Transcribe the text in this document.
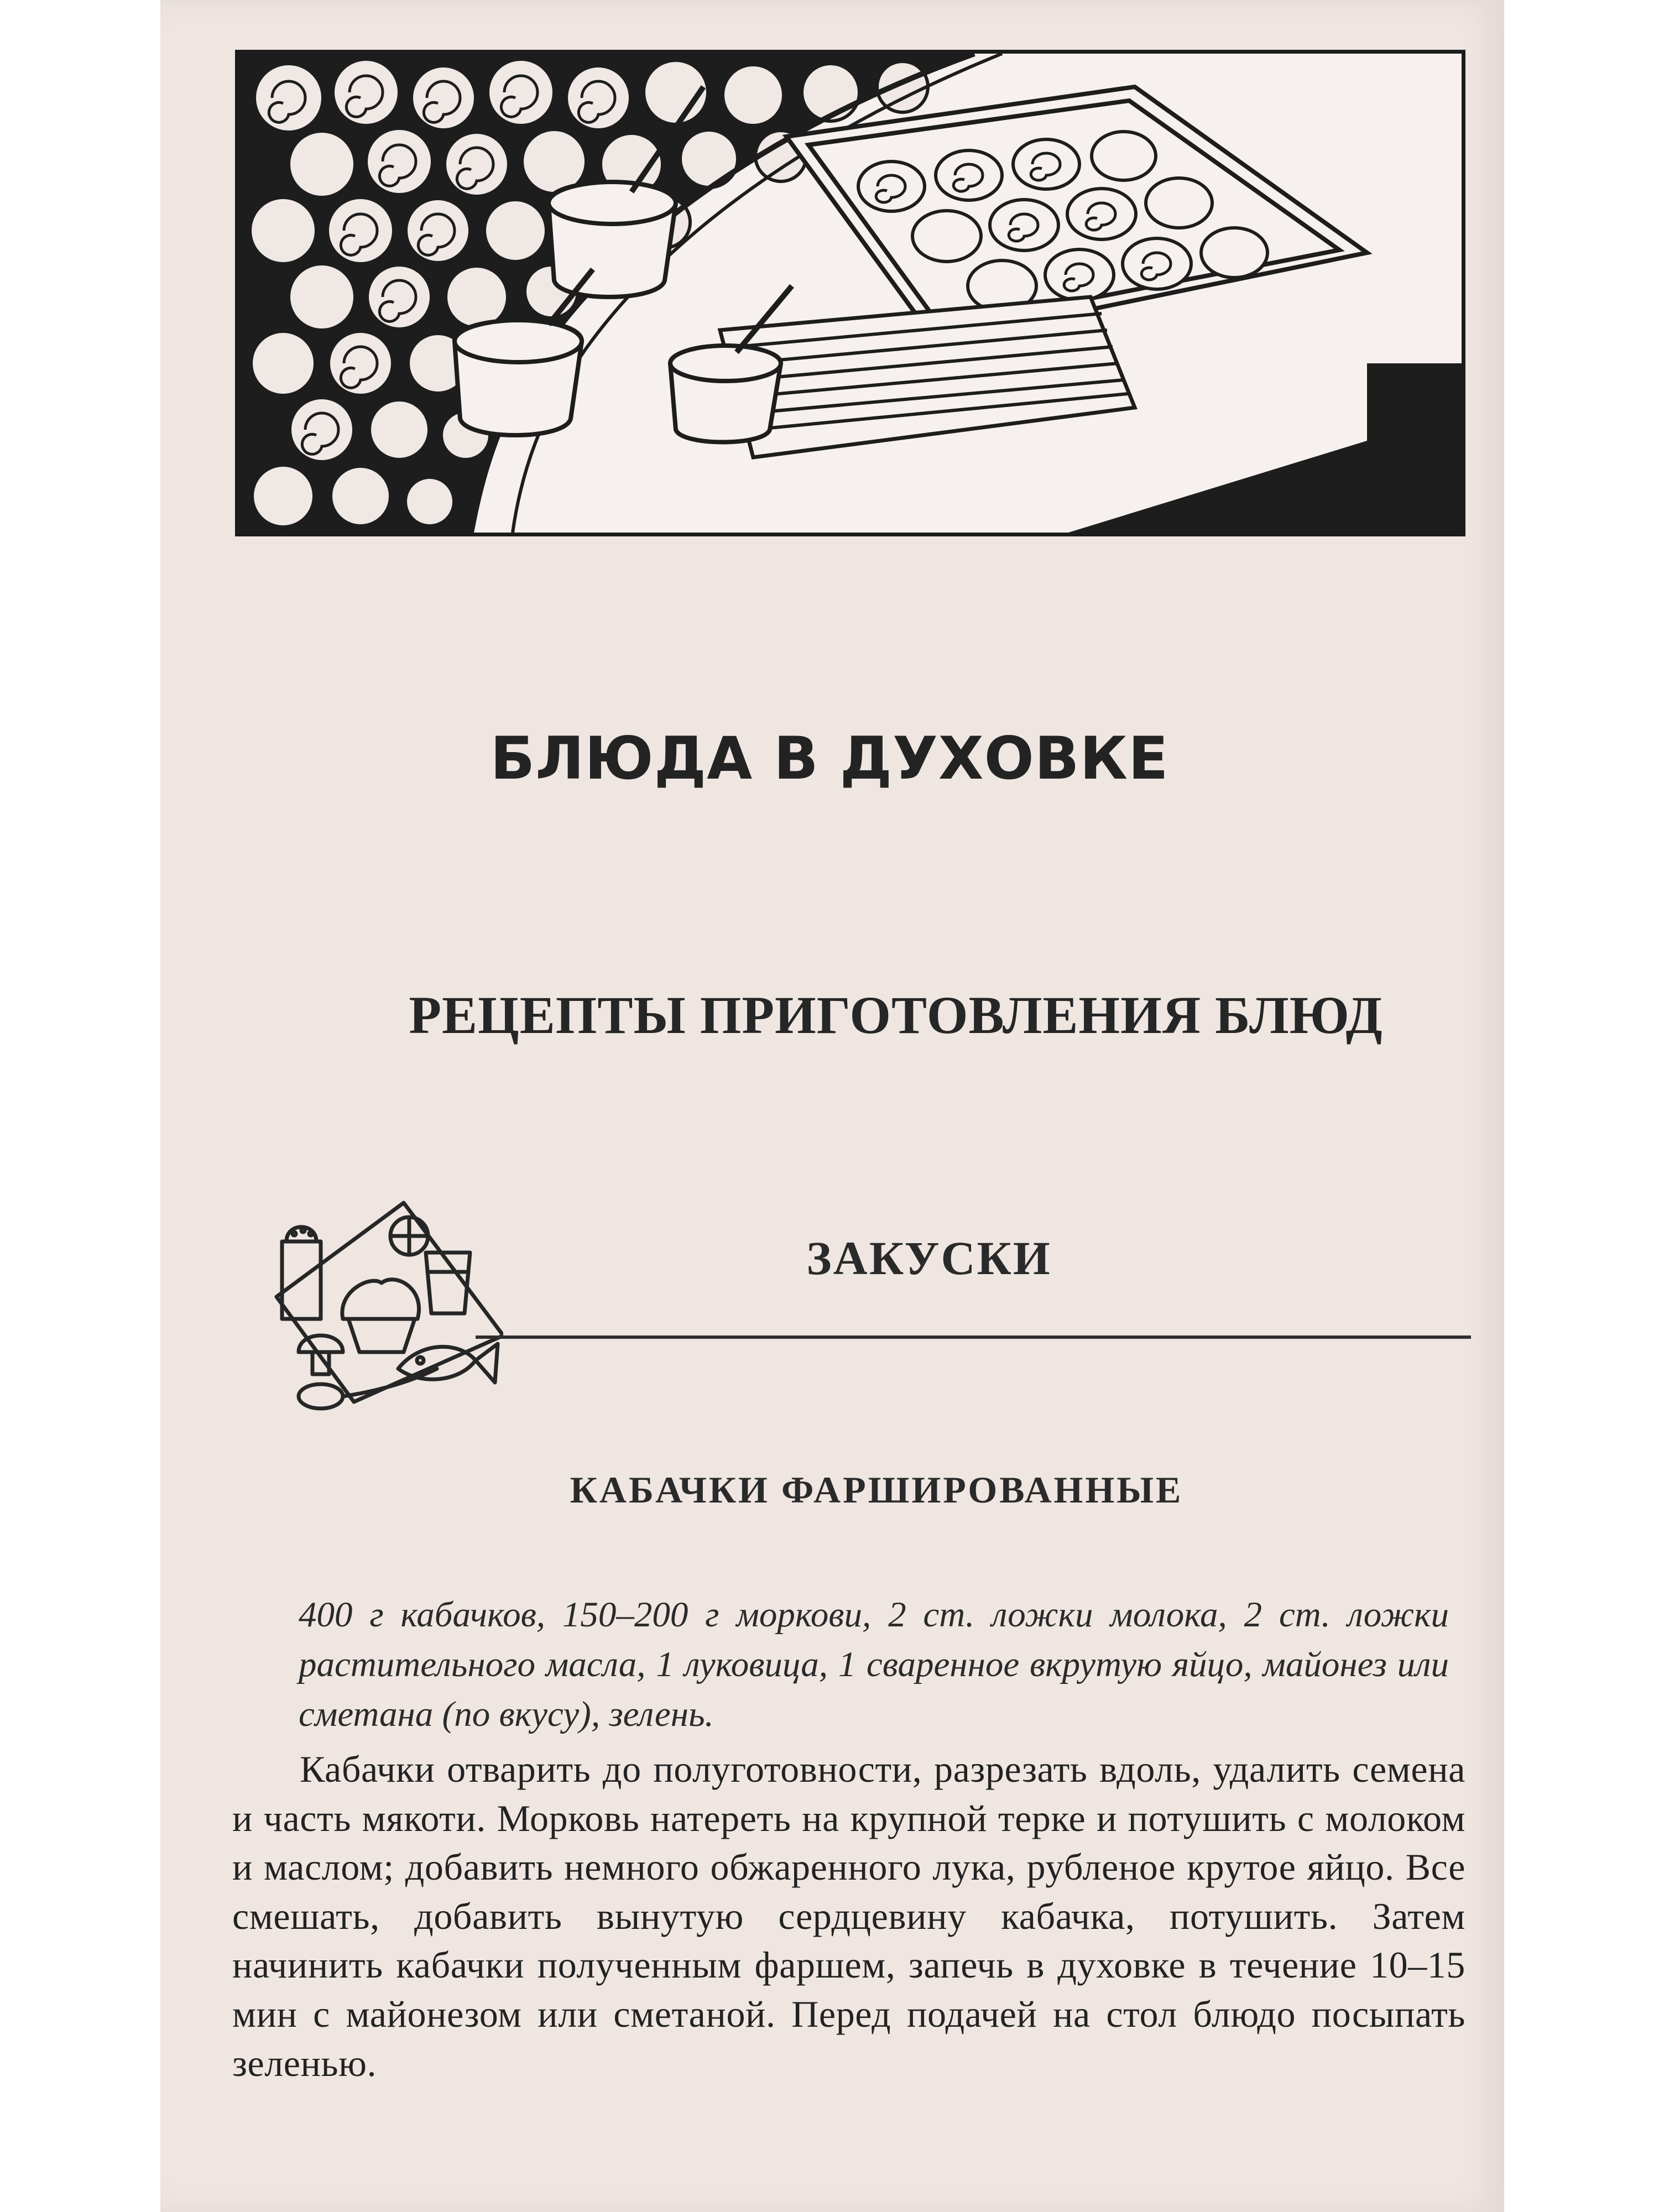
БЛЮДА В ДУХОВКЕ
РЕЦЕПТЫ ПРИГОТОВЛЕНИЯ БЛЮД
ЗАКУСКИ
КАБАЧКИ ФАРШИРОВАННЫЕ

400 г кабачков, 150–200 г моркови, 2 ст. ложки молока, 2 ст. ложки растительного масла, 1 луковица, 1 сваренное вкрутую яйцо, майонез или сметана (по вкусу), зелень.

Кабачки отварить до полуготовности, разрезать вдоль, удалить семена и часть мякоти. Морковь натереть на крупной терке и потушить с молоком и маслом; добавить немного обжаренного лука, рубленое крутое яйцо. Все смешать, добавить вынутую сердцевину кабачка, потушить. Затем начинить кабачки полученным фаршем, запечь в духовке в течение 10–15 мин с майонезом или сметаной. Перед подачей на стол блюдо посыпать зеленью.
